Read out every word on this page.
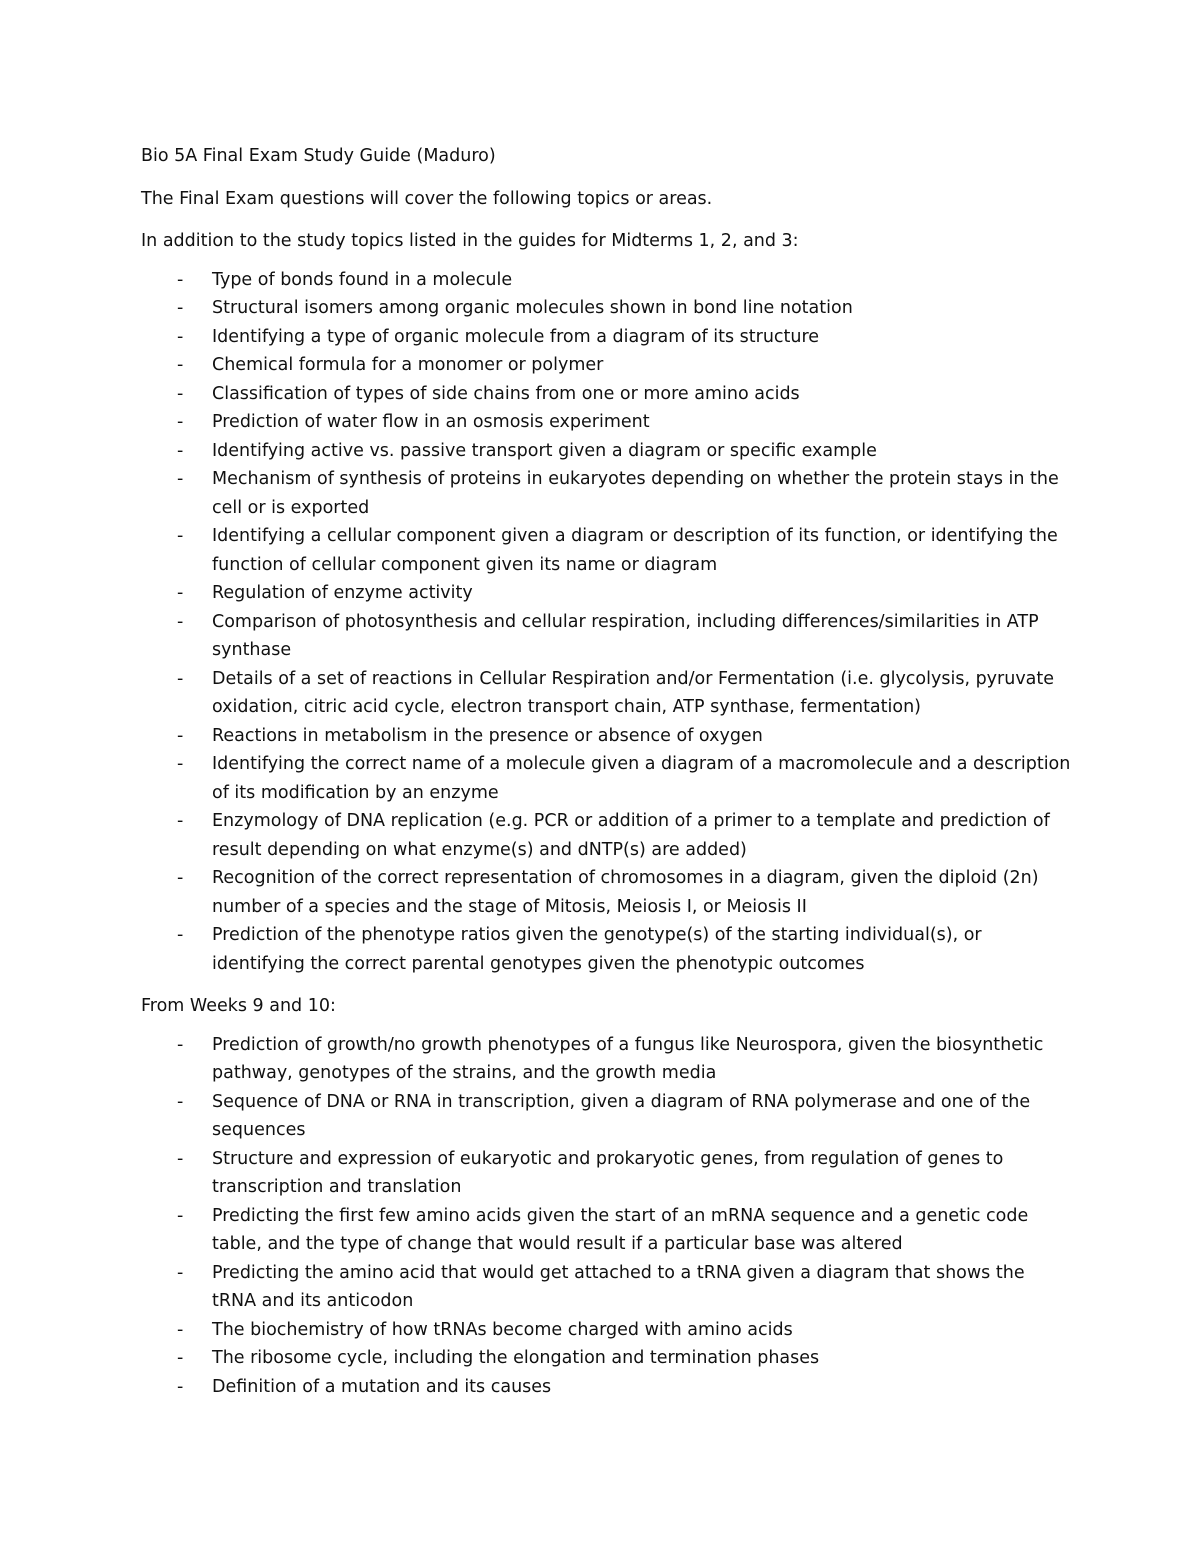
Bio 5A Final Exam Study Guide (Maduro)

The Final Exam questions will cover the following topics or areas.

In addition to the study topics listed in the guides for Midterms 1, 2, and 3:

- Type of bonds found in a molecule
- Structural isomers among organic molecules shown in bond line notation
- Identifying a type of organic molecule from a diagram of its structure
- Chemical formula for a monomer or polymer
- Classification of types of side chains from one or more amino acids
- Prediction of water flow in an osmosis experiment
- Identifying active vs. passive transport given a diagram or specific example
- Mechanism of synthesis of proteins in eukaryotes depending on whether the protein stays in the cell or is exported
- Identifying a cellular component given a diagram or description of its function, or identifying the function of cellular component given its name or diagram
- Regulation of enzyme activity
- Comparison of photosynthesis and cellular respiration, including differences/similarities in ATP synthase
- Details of a set of reactions in Cellular Respiration and/or Fermentation (i.e. glycolysis, pyruvate oxidation, citric acid cycle, electron transport chain, ATP synthase, fermentation)
- Reactions in metabolism in the presence or absence of oxygen
- Identifying the correct name of a molecule given a diagram of a macromolecule and a description of its modification by an enzyme
- Enzymology of DNA replication (e.g. PCR or addition of a primer to a template and prediction of result depending on what enzyme(s) and dNTP(s) are added)
- Recognition of the correct representation of chromosomes in a diagram, given the diploid (2n) number of a species and the stage of Mitosis, Meiosis I, or Meiosis II
- Prediction of the phenotype ratios given the genotype(s) of the starting individual(s), or identifying the correct parental genotypes given the phenotypic outcomes

From Weeks 9 and 10:

- Prediction of growth/no growth phenotypes of a fungus like Neurospora, given the biosynthetic pathway, genotypes of the strains, and the growth media
- Sequence of DNA or RNA in transcription, given a diagram of RNA polymerase and one of the sequences
- Structure and expression of eukaryotic and prokaryotic genes, from regulation of genes to transcription and translation
- Predicting the first few amino acids given the start of an mRNA sequence and a genetic code table, and the type of change that would result if a particular base was altered
- Predicting the amino acid that would get attached to a tRNA given a diagram that shows the tRNA and its anticodon
- The biochemistry of how tRNAs become charged with amino acids
- The ribosome cycle, including the elongation and termination phases
- Definition of a mutation and its causes
